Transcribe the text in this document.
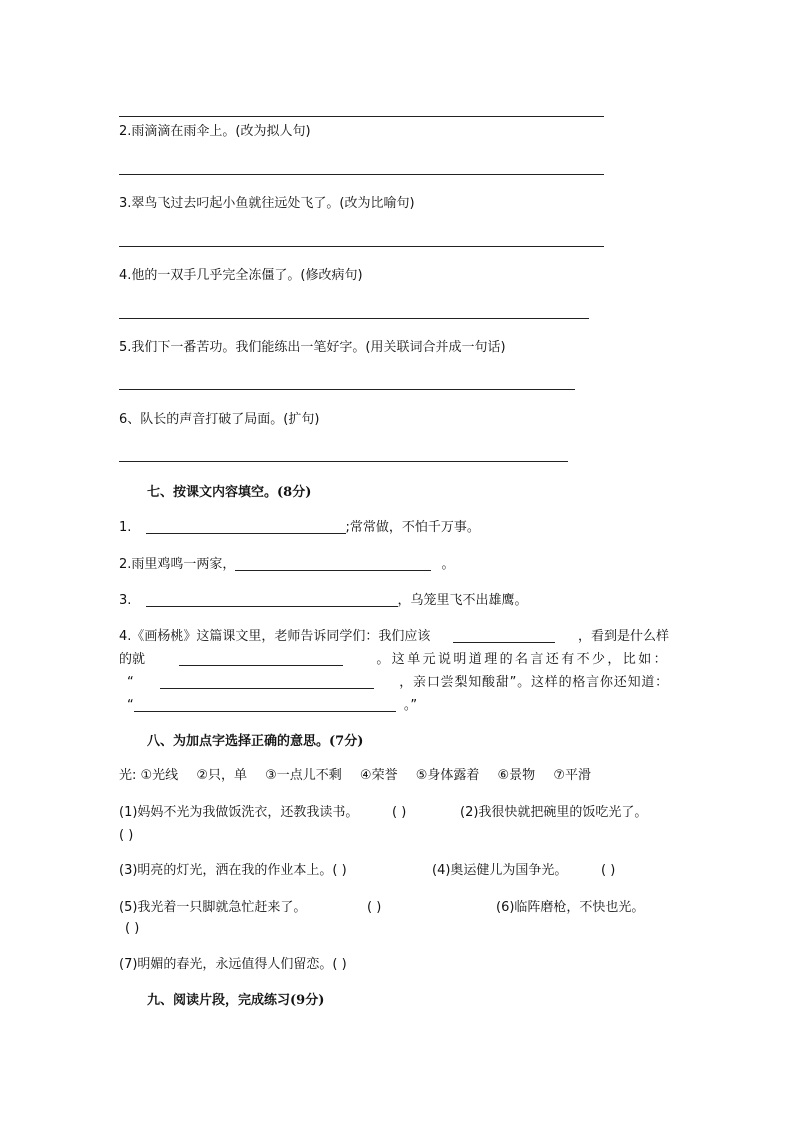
2.雨滴滴在雨伞上。(改为拟人句)
3.翠鸟飞过去叼起小鱼就往远处飞了。(改为比喻句)
4.他的一双手几乎完全冻僵了。(修改病句)
5.我们下一番苦功。我们能练出一笔好字。(用关联词合并成一句话)
6、队长的声音打破了局面。(扩句)
七、按课文内容填空。(8分)
1.	;常常做，不怕千万事。
2.雨里鸡鸣一两家，	。
3.	，乌笼里飞不出雄鹰。
4.《画杨桃》这篇课文里，老师告诉同学们：我们应该	，看到是什么样
的就	。这单元说明道理的名言还有不少，比如：
“	，亲口尝梨知酸甜”。这样的格言你还知道：
“	。”
八、为加点字选择正确的意思。(7分)
光: ①光线 ②只，单 ③一点儿不剩 ④荣誉 ⑤身体露着 ⑥景物 ⑦平滑
(1)妈妈不光为我做饭洗衣，还教我读书。	( )	(2)我很快就把碗里的饭吃光了。
( )
(3)明亮的灯光，洒在我的作业本上。( )	(4)奥运健儿为国争光。	( )
(5)我光着一只脚就急忙赶来了。	( )	(6)临阵磨枪，不快也光。
( )
(7)明媚的春光，永远值得人们留恋。( )
九、阅读片段，完成练习(9分)
